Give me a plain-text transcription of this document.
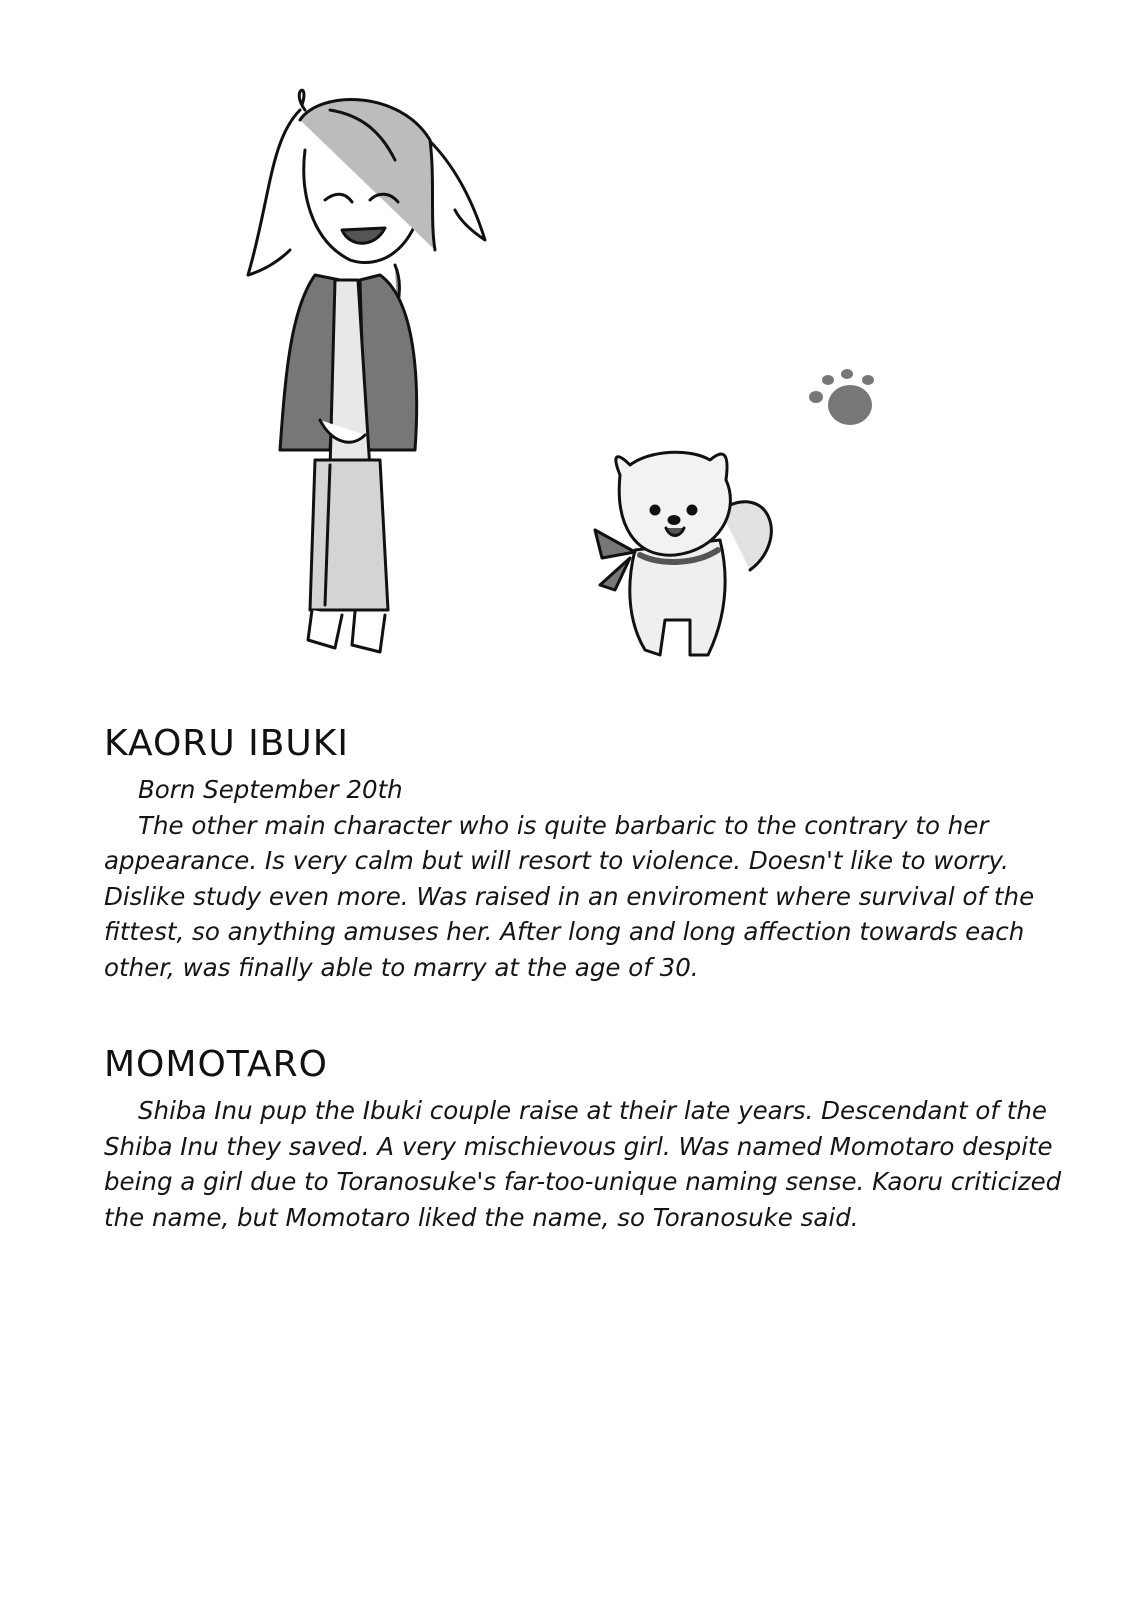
KAORU IBUKI

Born September 20th

The other main character who is quite barbaric to the contrary to her appearance. Is very calm but will resort to violence. Doesn't like to worry. Dislike study even more. Was raised in an enviroment where survival of the fittest, so anything amuses her. After long and long affection towards each other, was finally able to marry at the age of 30.

MOMOTARO

Shiba Inu pup the Ibuki couple raise at their late years. Descendant of the Shiba Inu they saved. A very mischievous girl. Was named Momotaro despite being a girl due to Toranosuke's far-too-unique naming sense. Kaoru criticized the name, but Momotaro liked the name, so Toranosuke said.
